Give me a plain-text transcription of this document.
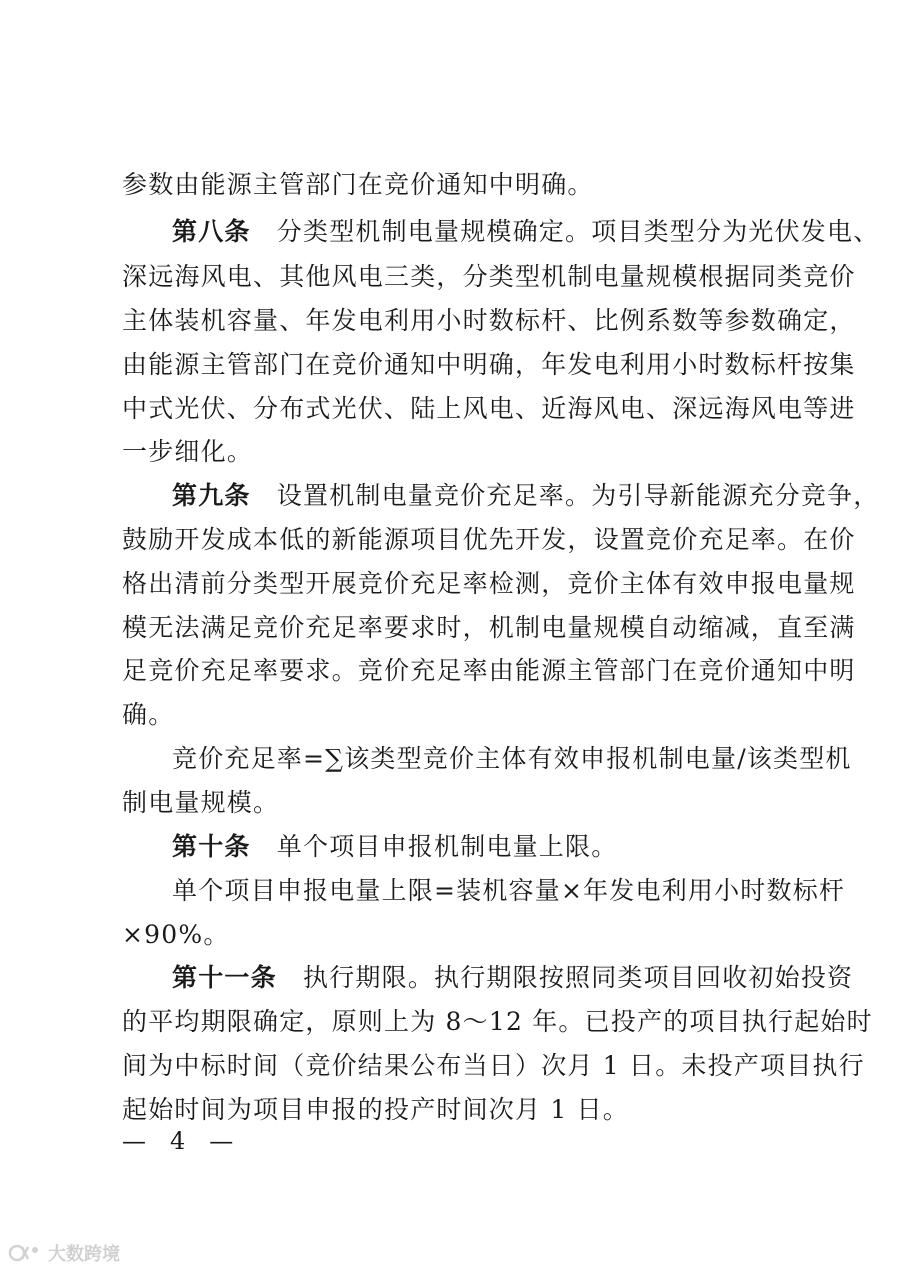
参数由能源主管部门在竞价通知中明确。
第八条　分类型机制电量规模确定。项目类型分为光伏发电、
深远海风电、其他风电三类，分类型机制电量规模根据同类竞价
主体装机容量、年发电利用小时数标杆、比例系数等参数确定，
由能源主管部门在竞价通知中明确，年发电利用小时数标杆按集
中式光伏、分布式光伏、陆上风电、近海风电、深远海风电等进
一步细化。
第九条　设置机制电量竞价充足率。为引导新能源充分竞争，
鼓励开发成本低的新能源项目优先开发，设置竞价充足率。在价
格出清前分类型开展竞价充足率检测，竞价主体有效申报电量规
模无法满足竞价充足率要求时，机制电量规模自动缩减，直至满
足竞价充足率要求。竞价充足率由能源主管部门在竞价通知中明
确。
竞价充足率=∑该类型竞价主体有效申报机制电量/该类型机
制电量规模。
第十条　单个项目申报机制电量上限。
单个项目申报电量上限=装机容量×年发电利用小时数标杆
×90%。
第十一条　执行期限。执行期限按照同类项目回收初始投资
的平均期限确定，原则上为 8～12 年。已投产的项目执行起始时
间为中标时间（竞价结果公布当日）次月 1 日。未投产项目执行
起始时间为项目申报的投产时间次月 1 日。
—　4　—
大数跨境
